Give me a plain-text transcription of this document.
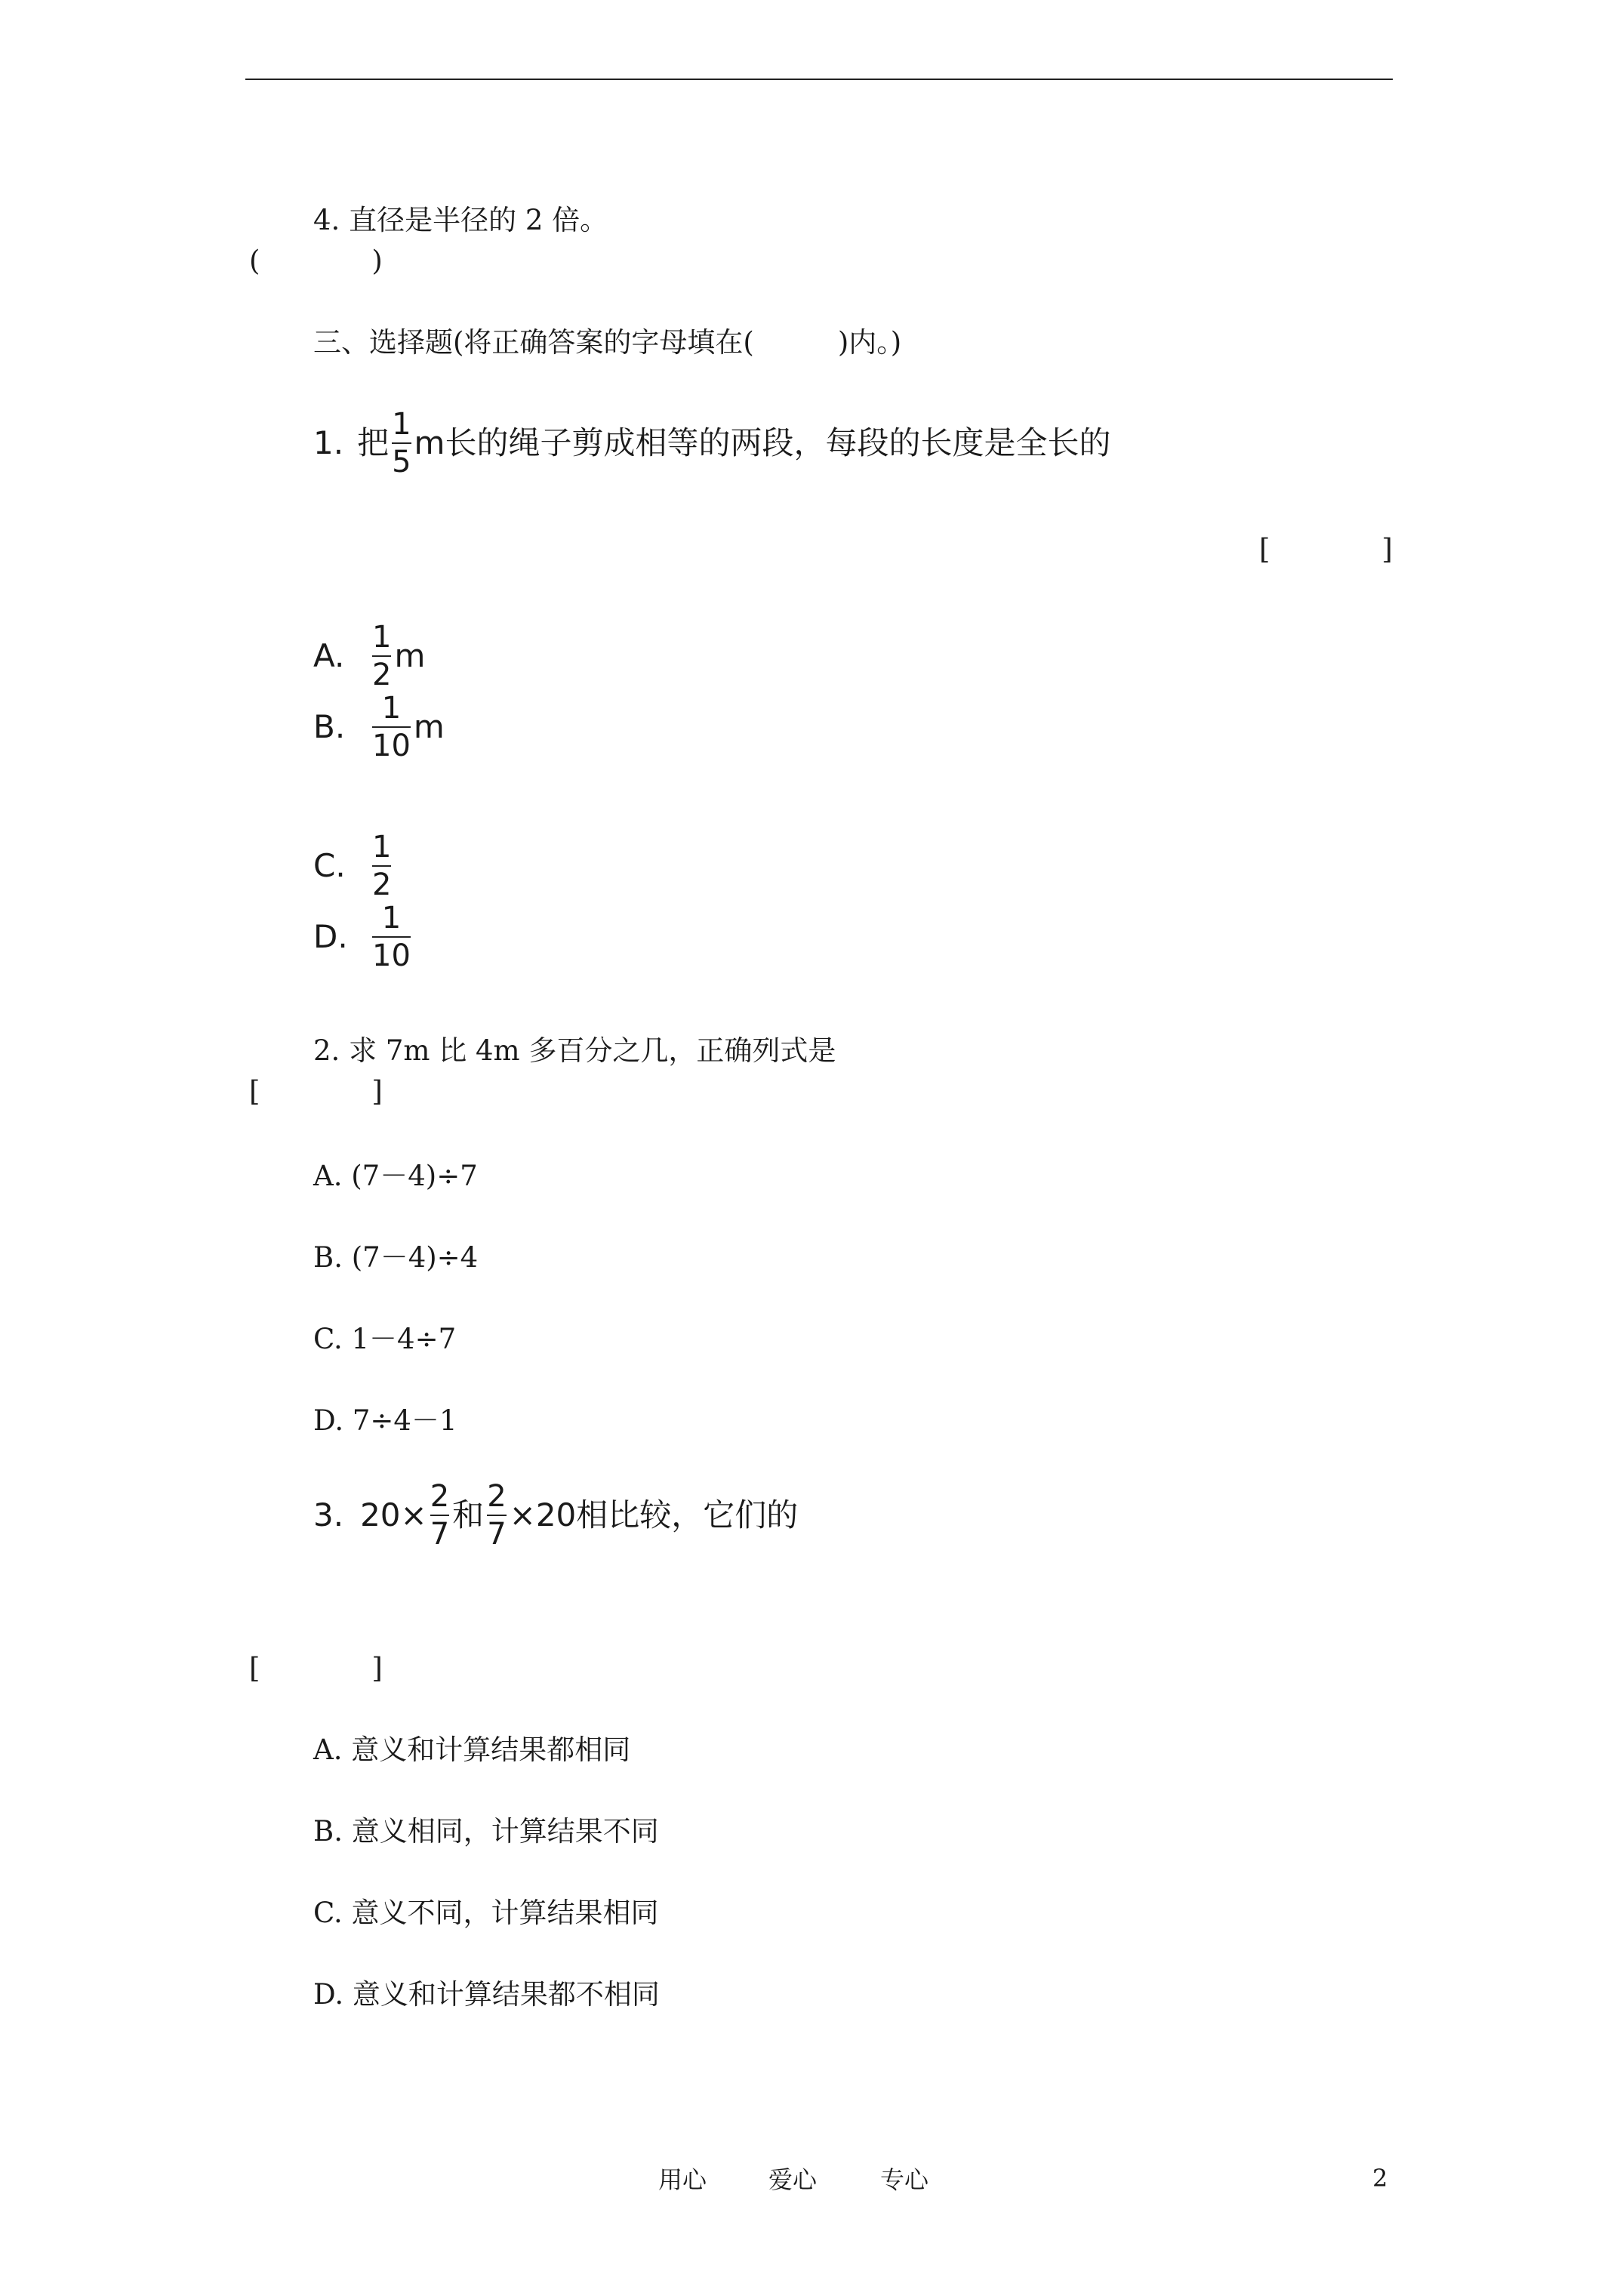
4. 直径是半径的 2 倍。
(　　　　)
三、选择题(将正确答案的字母填在(　　　)内。)
1. 把 $\frac{1}{5}$ m长的绳子剪成相等的两段，每段的长度是全长的
[　　　　]
A. $\frac{1}{2}$ m
B. $\frac{1}{10}$ m
C. $\frac{1}{2}$
D. $\frac{1}{10}$
2. 求 7m 比 4m 多百分之几，正确列式是
[　　　　]
A. (7－4)÷7
B. (7－4)÷4
C. 1－4÷7
D. 7÷4－1
3. $20\times \frac{2}{7}$ 和 $\frac{2}{7} \times 20$相比较，它们的
[　　　　]
A. 意义和计算结果都相同
B. 意义相同，计算结果不同
C. 意义不同，计算结果相同
D. 意义和计算结果都不相同
用心	爱心	专心	2
